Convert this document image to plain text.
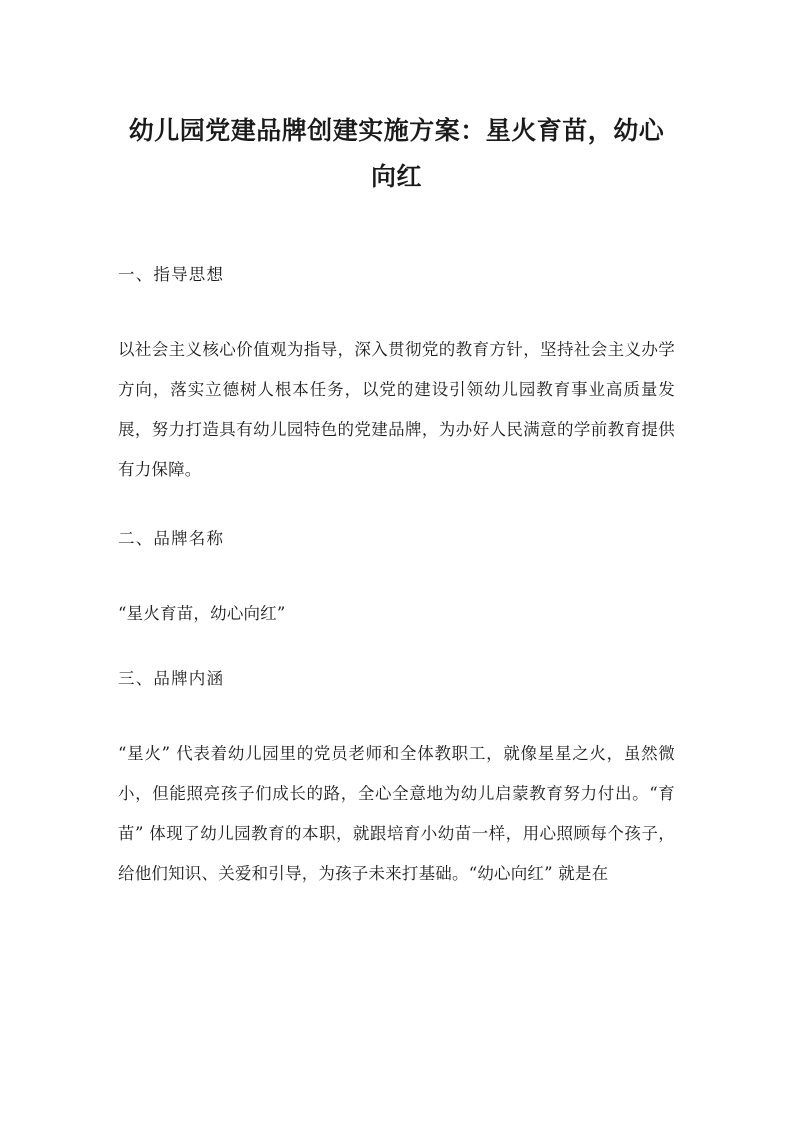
幼儿园党建品牌创建实施方案：星火育苗，幼心向红
一、指导思想

以社会主义核心价值观为指导，深入贯彻党的教育方针，坚持社会主义办学方向，落实立德树人根本任务，以党的建设引领幼儿园教育事业高质量发展，努力打造具有幼儿园特色的党建品牌，为办好人民满意的学前教育提供有力保障。

二、品牌名称

“星火育苗，幼心向红”

三、品牌内涵

“星火” 代表着幼儿园里的党员老师和全体教职工，就像星星之火，虽然微小，但能照亮孩子们成长的路，全心全意地为幼儿启蒙教育努力付出。“育苗” 体现了幼儿园教育的本职，就跟培育小幼苗一样，用心照顾每个孩子，给他们知识、关爱和引导，为孩子未来打基础。“幼心向红” 就是在
